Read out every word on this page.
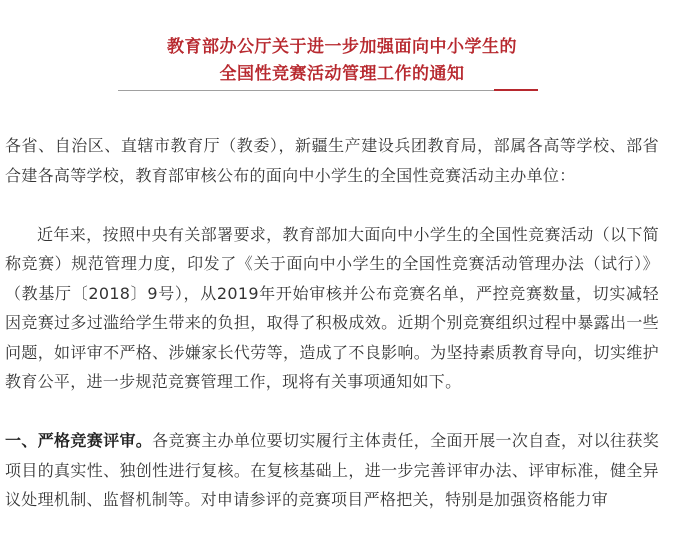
教育部办公厅关于进一步加强面向中小学生的
全国性竞赛活动管理工作的通知

各省、自治区、直辖市教育厅（教委），新疆生产建设兵团教育局，部属各高等学校、部省合建各高等学校，教育部审核公布的面向中小学生的全国性竞赛活动主办单位：

近年来，按照中央有关部署要求，教育部加大面向中小学生的全国性竞赛活动（以下简称竞赛）规范管理力度，印发了《关于面向中小学生的全国性竞赛活动管理办法（试行）》（教基厅〔2018〕9号），从2019年开始审核并公布竞赛名单，严控竞赛数量，切实减轻因竞赛过多过滥给学生带来的负担，取得了积极成效。近期个别竞赛组织过程中暴露出一些问题，如评审不严格、涉嫌家长代劳等，造成了不良影响。为坚持素质教育导向，切实维护教育公平，进一步规范竞赛管理工作，现将有关事项通知如下。

一、严格竞赛评审。各竞赛主办单位要切实履行主体责任，全面开展一次自查，对以往获奖项目的真实性、独创性进行复核。在复核基础上，进一步完善评审办法、评审标准，健全异议处理机制、监督机制等。对申请参评的竞赛项目严格把关，特别是加强资格能力审
